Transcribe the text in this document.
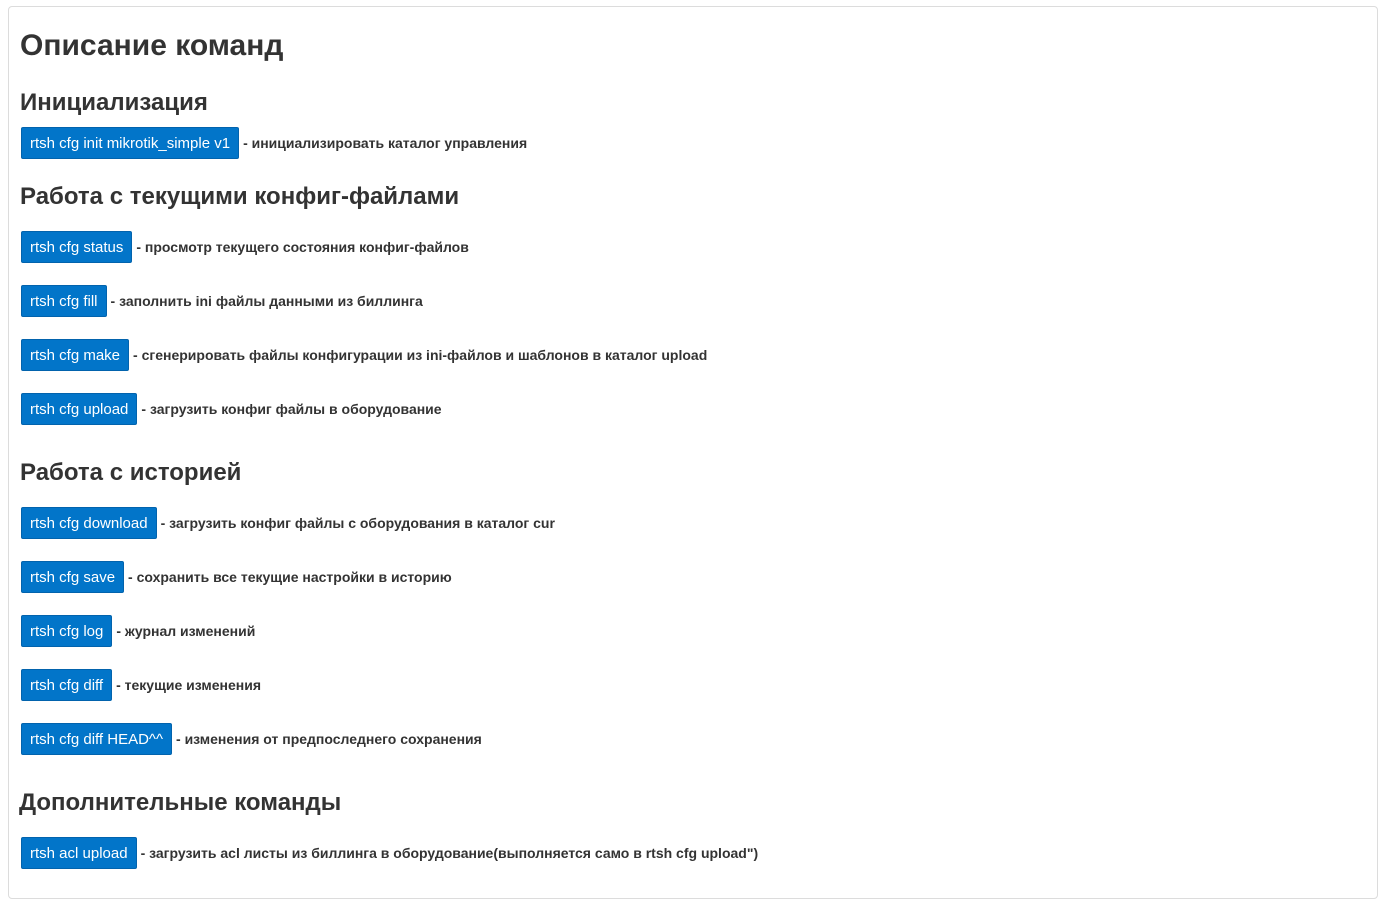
Описание команд
Инициализация
rtsh cfg init mikrotik_simple v1 - инициализировать каталог управления
Работа с текущими конфиг-файлами
rtsh cfg status - просмотр текущего состояния конфиг-файлов
rtsh cfg fill - заполнить ini файлы данными из биллинга
rtsh cfg make - сгенерировать файлы конфигурации из ini-файлов и шаблонов в каталог upload
rtsh cfg upload - загрузить конфиг файлы в оборудование
Работа с историей
rtsh cfg download - загрузить конфиг файлы с оборудования в каталог cur
rtsh cfg save - сохранить все текущие настройки в историю
rtsh cfg log - журнал изменений
rtsh cfg diff - текущие изменения
rtsh cfg diff HEAD^^ - изменения от предпоследнего сохранения
Дополнительные команды
rtsh acl upload - загрузить acl листы из биллинга в оборудование(выполняется само в rtsh cfg upload")
